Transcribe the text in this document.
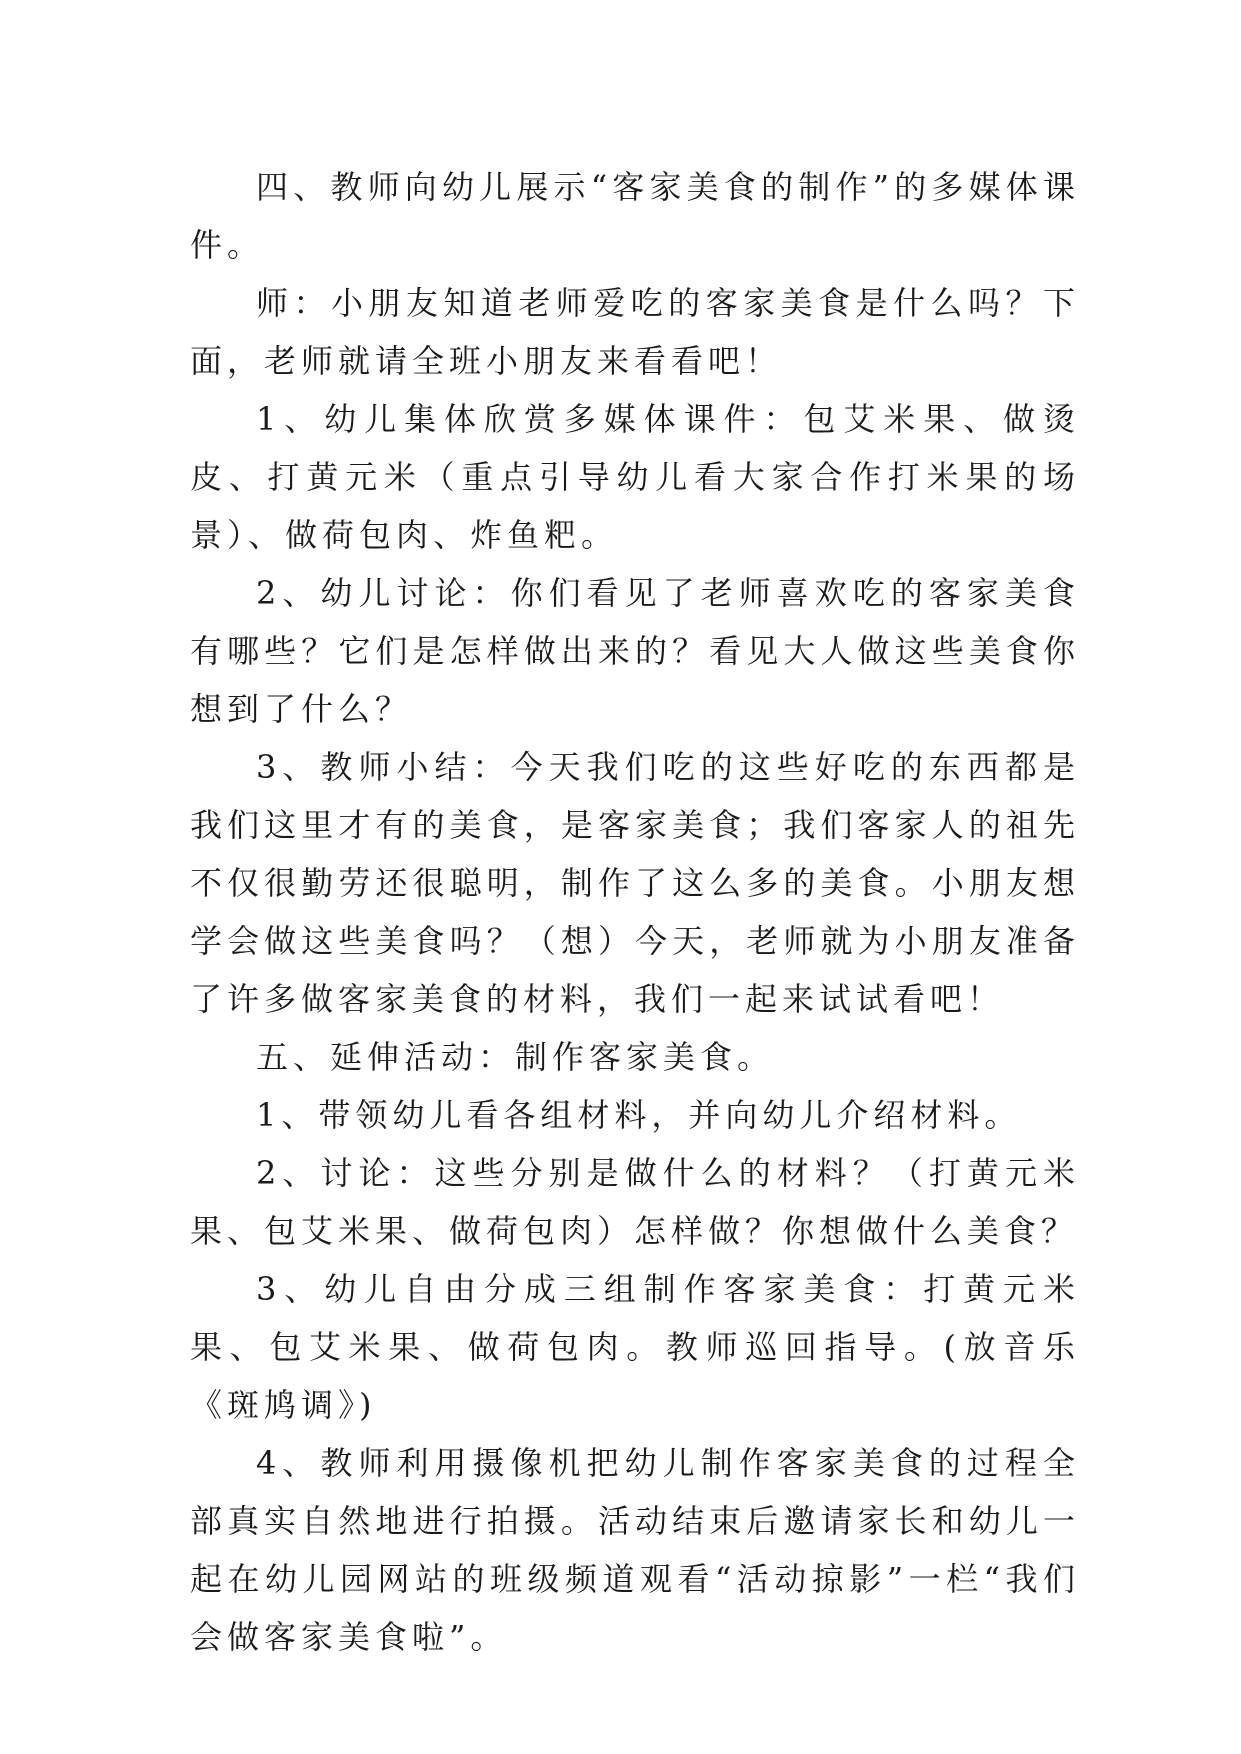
四、教师向幼儿展示“客家美食的制作”的多媒体课件。

师：小朋友知道老师爱吃的客家美食是什么吗？下面，老师就请全班小朋友来看看吧！

1、幼儿集体欣赏多媒体课件：包艾米果、做烫皮、打黄元米（重点引导幼儿看大家合作打米果的场景）、做荷包肉、炸鱼粑。

2、幼儿讨论：你们看见了老师喜欢吃的客家美食有哪些？它们是怎样做出来的？看见大人做这些美食你想到了什么？

3、教师小结：今天我们吃的这些好吃的东西都是我们这里才有的美食，是客家美食；我们客家人的祖先不仅很勤劳还很聪明，制作了这么多的美食。小朋友想学会做这些美食吗？（想）今天，老师就为小朋友准备了许多做客家美食的材料，我们一起来试试看吧！

五、延伸活动：制作客家美食。

1、带领幼儿看各组材料，并向幼儿介绍材料。

2、讨论：这些分别是做什么的材料？（打黄元米果、包艾米果、做荷包肉）怎样做？你想做什么美食？

3、幼儿自由分成三组制作客家美食：打黄元米果、包艾米果、做荷包肉。教师巡回指导。(放音乐《斑鸠调》)

4、教师利用摄像机把幼儿制作客家美食的过程全部真实自然地进行拍摄。活动结束后邀请家长和幼儿一起在幼儿园网站的班级频道观看“活动掠影”一栏“我们会做客家美食啦”。
